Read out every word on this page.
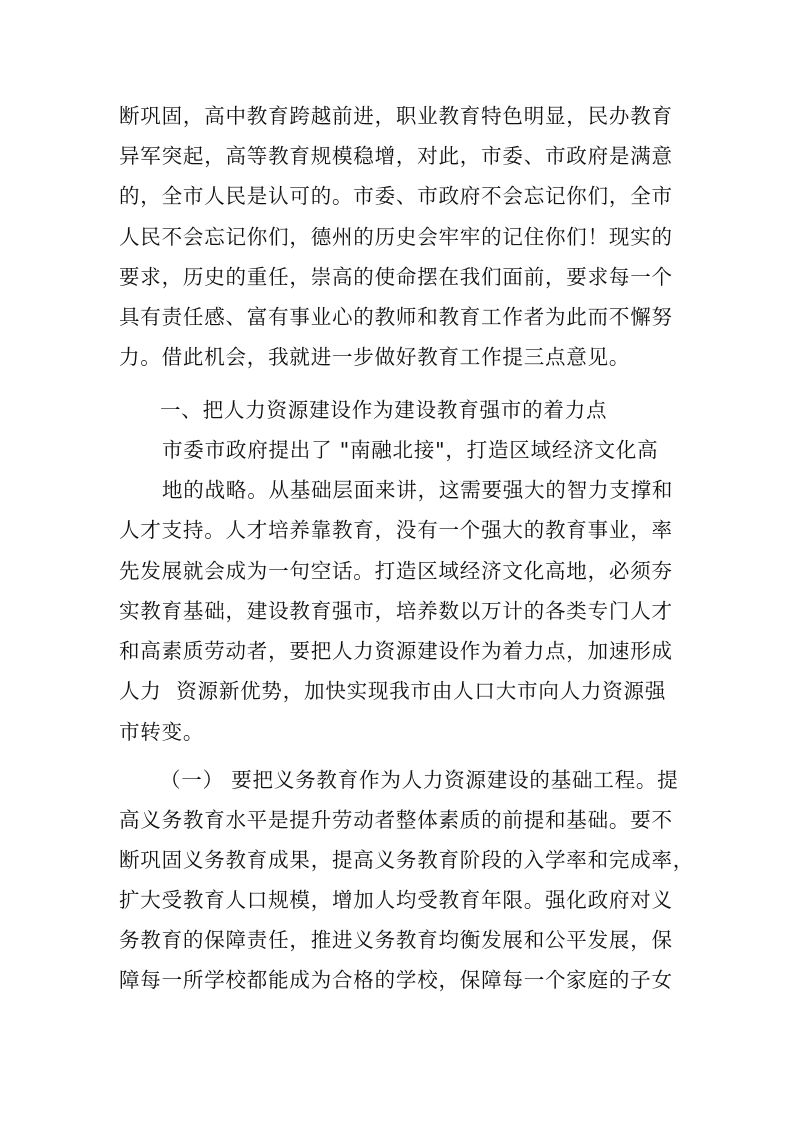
断巩固，高中教育跨越前进，职业教育特色明显，民办教育
异军突起，高等教育规模稳增，对此，市委、市政府是满意
的，全市人民是认可的。市委、市政府不会忘记你们，全市
人民不会忘记你们，德州的历史会牢牢的记住你们！现实的
要求，历史的重任，崇高的使命摆在我们面前，要求每一个
具有责任感、富有事业心的教师和教育工作者为此而不懈努
力。借此机会，我就进一步做好教育工作提三点意见。
一、把人力资源建设作为建设教育强市的着力点
市委市政府提出了 "南融北接"，打造区域经济文化高
地的战略。从基础层面来讲，这需要强大的智力支撑和
人才支持。人才培养靠教育，没有一个强大的教育事业，率
先发展就会成为一句空话。打造区域经济文化高地，必须夯
实教育基础，建设教育强市，培养数以万计的各类专门人才
和高素质劳动者，要把人力资源建设作为着力点，加速形成
人力  资源新优势，加快实现我市由人口大市向人力资源强
市转变。
（一） 要把义务教育作为人力资源建设的基础工程。提
高义务教育水平是提升劳动者整体素质的前提和基础。要不
断巩固义务教育成果，提高义务教育阶段的入学率和完成率，
扩大受教育人口规模，增加人均受教育年限。强化政府对义
务教育的保障责任，推进义务教育均衡发展和公平发展，保
障每一所学校都能成为合格的学校，保障每一个家庭的子女
